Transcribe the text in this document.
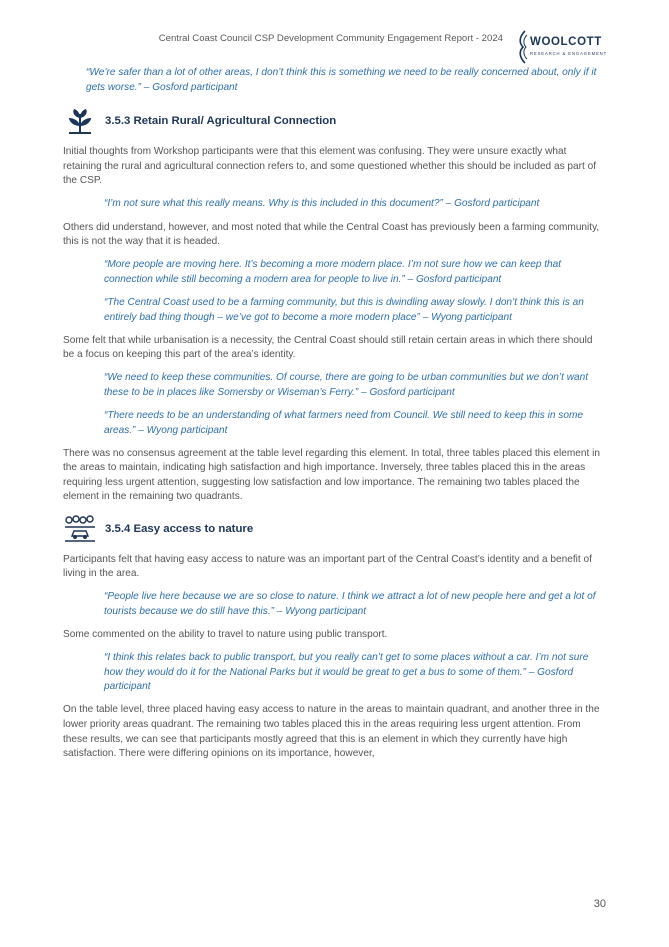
Central Coast Council CSP Development Community Engagement Report - 2024 WOOLCOTT
RESEARCH & ENGAGEMENT

“We’re safer than a lot of other areas, I don’t think this is something we need to be really concerned about, only if it gets worse.” – Gosford participant

3.5.3 Retain Rural/ Agricultural Connection

Initial thoughts from Workshop participants were that this element was confusing. They were unsure exactly what retaining the rural and agricultural connection refers to, and some questioned whether this should be included as part of the CSP.

“I’m not sure what this really means. Why is this included in this document?” – Gosford participant

Others did understand, however, and most noted that while the Central Coast has previously been a farming community, this is not the way that it is headed.

“More people are moving here. It’s becoming a more modern place. I’m not sure how we can keep that connection while still becoming a modern area for people to live in.” – Gosford participant

“The Central Coast used to be a farming community, but this is dwindling away slowly. I don’t think this is an entirely bad thing though – we’ve got to become a more modern place” – Wyong participant

Some felt that while urbanisation is a necessity, the Central Coast should still retain certain areas in which there should be a focus on keeping this part of the area’s identity.

“We need to keep these communities. Of course, there are going to be urban communities but we don’t want these to be in places like Somersby or Wiseman’s Ferry.” – Gosford participant

“There needs to be an understanding of what farmers need from Council. We still need to keep this in some areas.” – Wyong participant

There was no consensus agreement at the table level regarding this element. In total, three tables placed this element in the areas to maintain, indicating high satisfaction and high importance. Inversely, three tables placed this in the areas requiring less urgent attention, suggesting low satisfaction and low importance. The remaining two tables placed the element in the remaining two quadrants.

3.5.4 Easy access to nature

Participants felt that having easy access to nature was an important part of the Central Coast’s identity and a benefit of living in the area.

“People live here because we are so close to nature. I think we attract a lot of new people here and get a lot of tourists because we do still have this.” – Wyong participant

Some commented on the ability to travel to nature using public transport.

“I think this relates back to public transport, but you really can’t get to some places without a car. I’m not sure how they would do it for the National Parks but it would be great to get a bus to some of them.” – Gosford participant

On the table level, three placed having easy access to nature in the areas to maintain quadrant, and another three in the lower priority areas quadrant. The remaining two tables placed this in the areas requiring less urgent attention. From these results, we can see that participants mostly agreed that this is an element in which they currently have high satisfaction. There were differing opinions on its importance, however,

30
